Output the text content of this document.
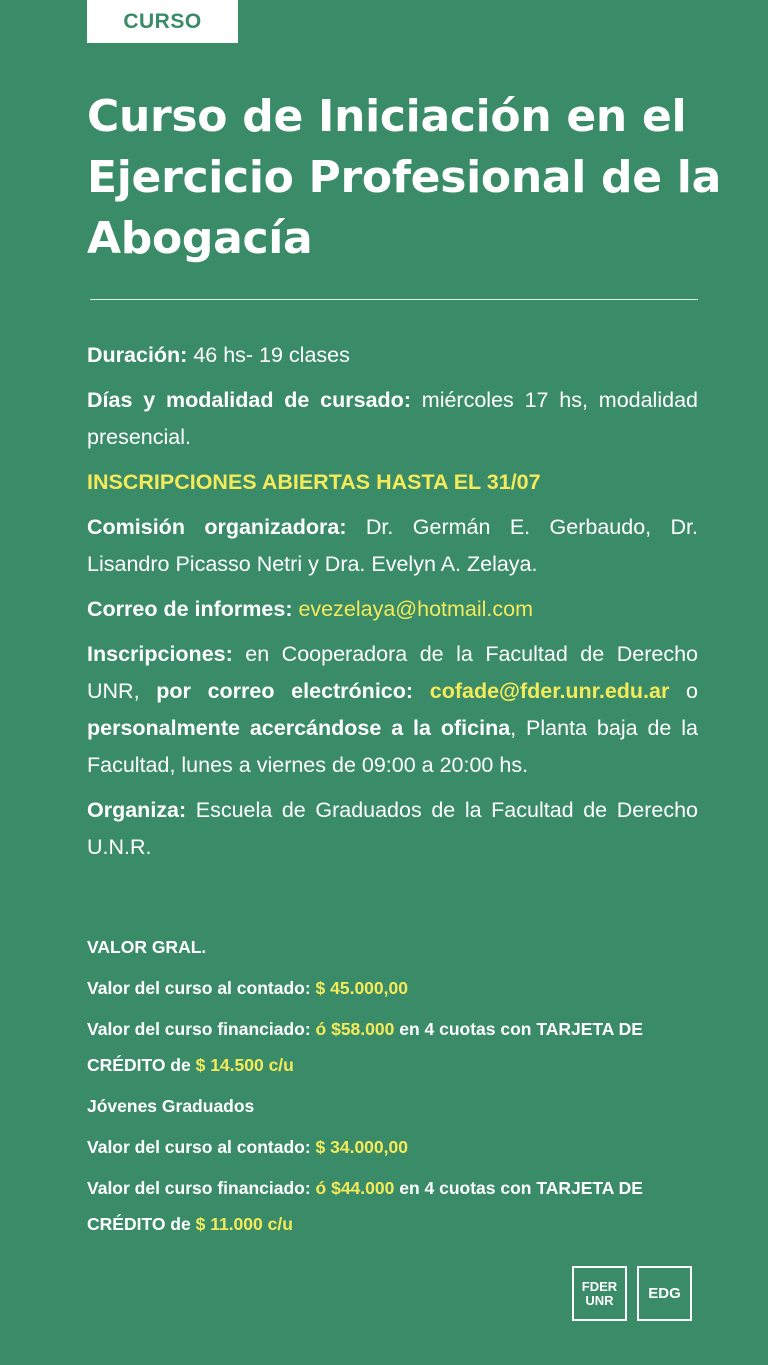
CURSO
Curso de Iniciación en el Ejercicio Profesional de la Abogacía

Duración: 46 hs- 19 clases

Días y modalidad de cursado: miércoles 17 hs, modalidad presencial.

INSCRIPCIONES ABIERTAS HASTA EL 31/07

Comisión organizadora: Dr. Germán E. Gerbaudo, Dr. Lisandro Picasso Netri y Dra. Evelyn A. Zelaya.

Correo de informes: evezelaya@hotmail.com

Inscripciones: en Cooperadora de la Facultad de Derecho UNR, por correo electrónico: cofade@fder.unr.edu.ar o personalmente acercándose a la oficina, Planta baja de la Facultad, lunes a viernes de 09:00 a 20:00 hs.

Organiza: Escuela de Graduados de la Facultad de Derecho U.N.R.

VALOR GRAL.

Valor del curso al contado: $ 45.000,00

Valor del curso financiado: ó $58.000 en 4 cuotas con TARJETA DE CRÉDITO de $ 14.500 c/u

Jóvenes Graduados

Valor del curso al contado: $ 34.000,00

Valor del curso financiado: ó $44.000 en 4 cuotas con TARJETA DE CRÉDITO de $ 11.000 c/u

FDER
UNR EDG
